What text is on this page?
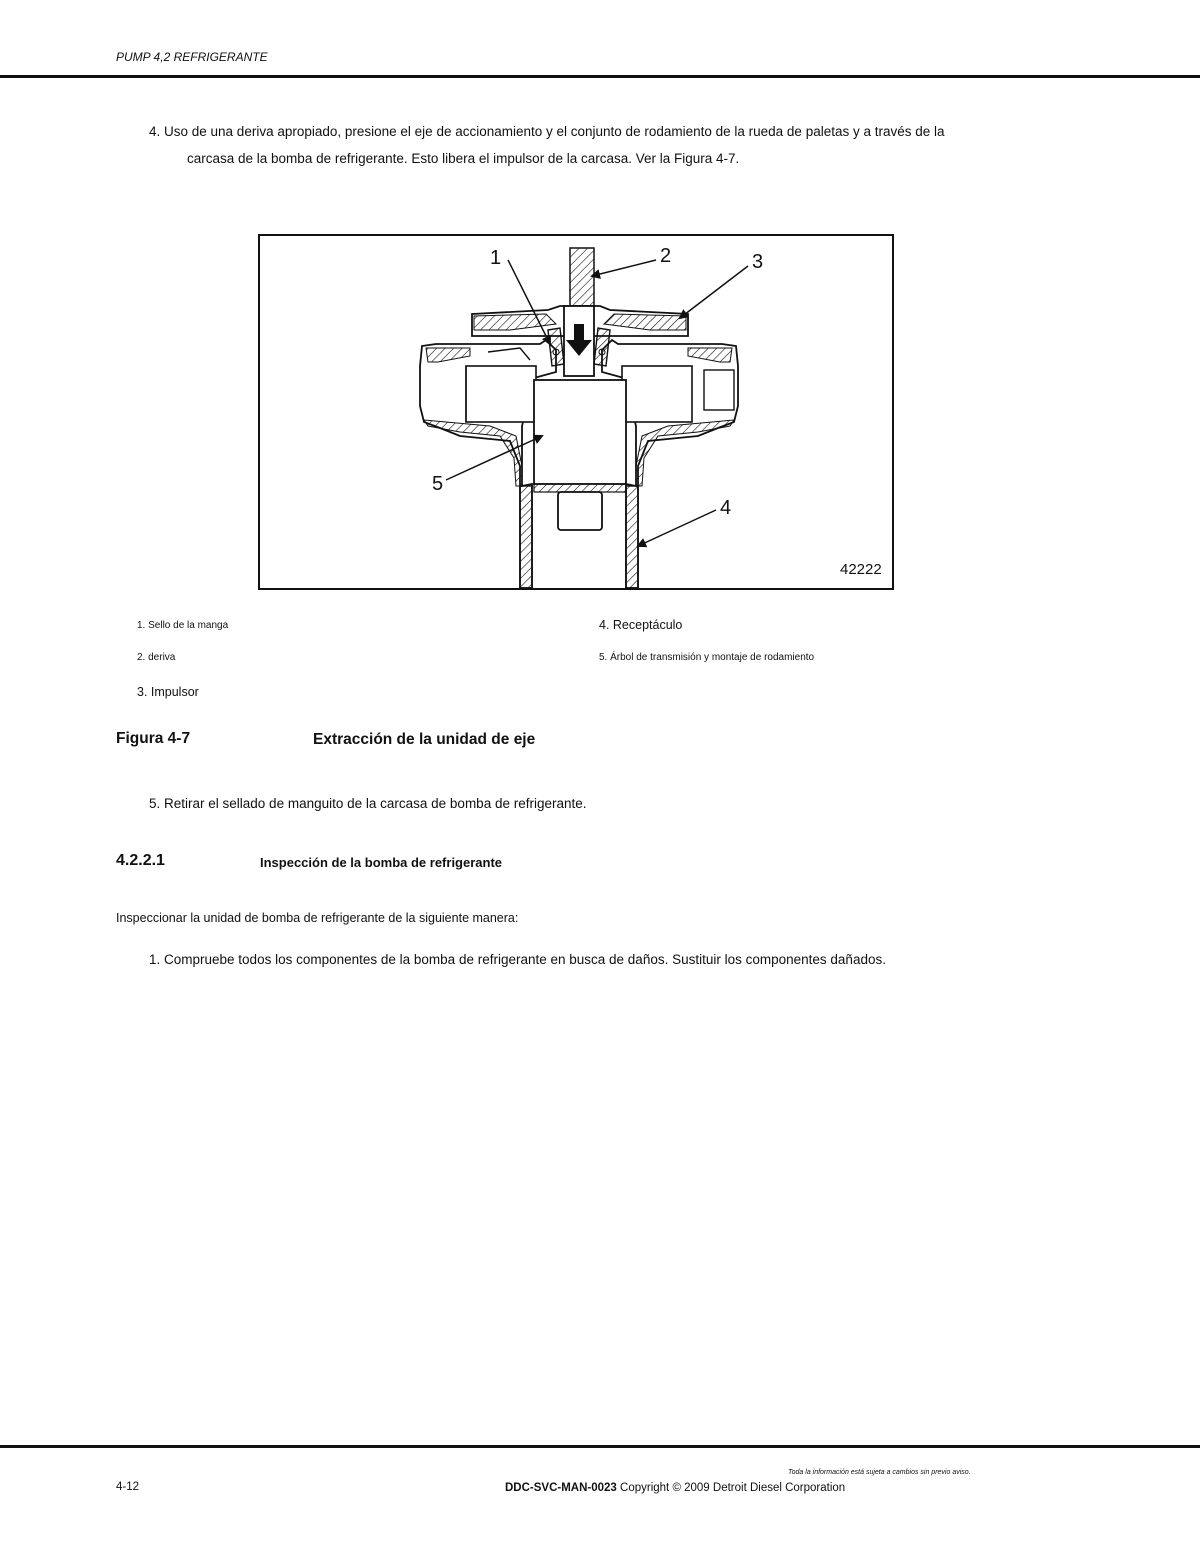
PUMP 4,2 REFRIGERANTE
4. Uso de una deriva apropiado, presione el eje de accionamiento y el conjunto de rodamiento de la rueda de paletas y a través de la
carcasa de la bomba de refrigerante. Esto libera el impulsor de la carcasa. Ver la Figura 4-7.
1	2	3
5
4
42222
1. Sello de la manga
2. deriva
3. Impulsor
4. Receptáculo
5. Árbol de transmisión y montaje de rodamiento
Figura 4-7	Extracción de la unidad de eje
5. Retirar el sellado de manguito de la carcasa de bomba de refrigerante.
4.2.2.1	Inspección de la bomba de refrigerante
Inspeccionar la unidad de bomba de refrigerante de la siguiente manera:
1. Compruebe todos los componentes de la bomba de refrigerante en busca de daños. Sustituir los componentes dañados.
Toda la información está sujeta a cambios sin previo aviso.
4-12	DDC-SVC-MAN-0023 Copyright © 2009 Detroit Diesel Corporation
